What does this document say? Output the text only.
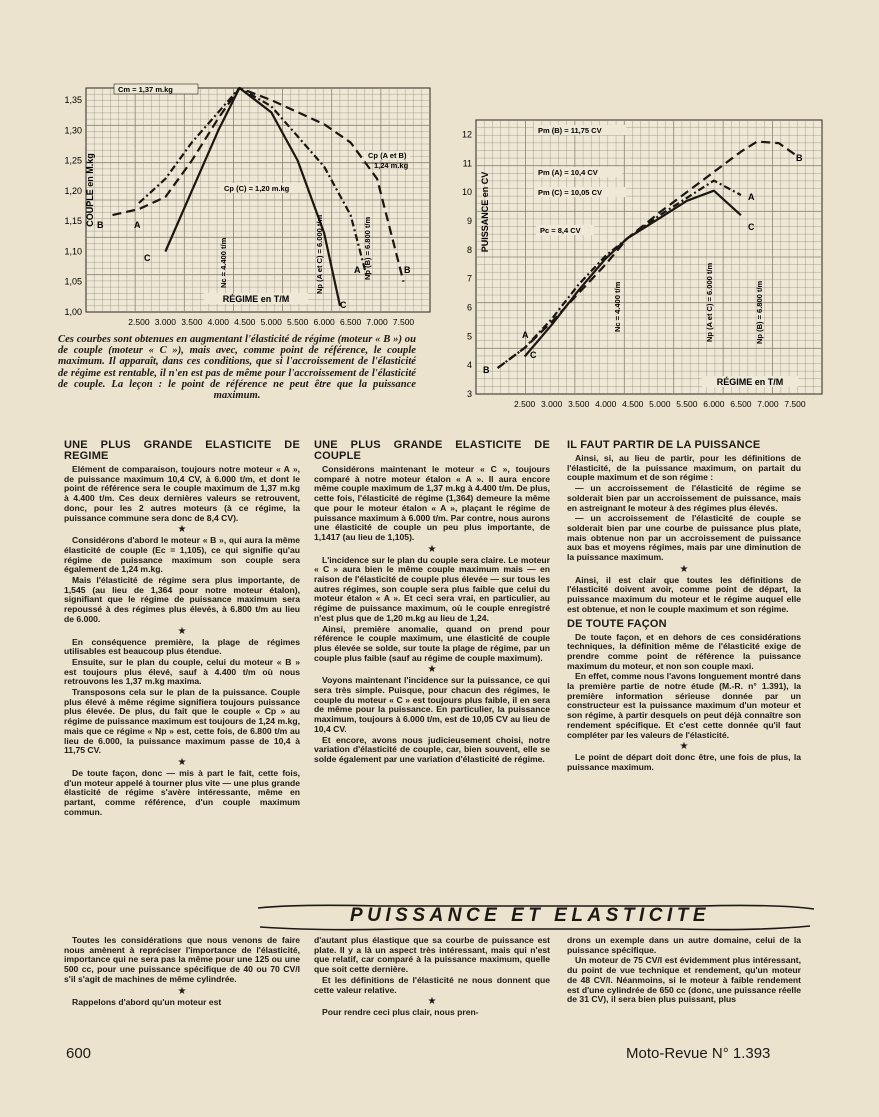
1,00
1,05
1,10
1,15
1,20
1,25
1,30
1,35
2.500 3.000 3.500 4.000 4.500 5.000 5.500 6.000 6.500 7.000 7.500
COUPLE en M.kg
RÉGIME en T/M
Cm = 1,37 m.kg
Cp (A et B)
1,24 m.kg
Cp (C) = 1,20 m.kg
Nc = 4.400 t/m	Np (A et C) = 6.000 t/m	Np (B) = 6.800 t/m
B	A
C
A	B
C
3
4
5
6
7
8
9
10
11
12
2.500 3.000 3.500 4.000 4.500 5.000 5.500 6.000 6.500 7.000 7.500
PUISSANCE en CV
RÉGIME en T/M
Pm (B) = 11,75 CV
Pm (A) = 10,4 CV
Pm (C) = 10,05 CV
Pc = 8,4 CV
Nc = 4.400 t/m	Np (A et C) = 6.000 t/m	Np (B) = 6.800 t/m
A
C
B
A
C
B
Ces courbes sont obtenues en augmentant l'élasticité de régime (moteur « B ») ou de couple (moteur « C »), mais avec, comme point de référence, le couple maximum. Il apparaît, dans ces conditions, que si l'accroissement de l'élasticité de régime est rentable, il n'en est pas de même pour l'accroissement de l'élasticité de couple. La leçon : le point de référence ne peut être que la puissance maximum.
UNE PLUS GRANDE ELASTICITE DE REGIME

Elément de comparaison, toujours notre moteur « A », de puissance maximum 10,4 CV, à 6.000 t/m, et dont le point de référence sera le couple maximum de 1,37 m.kg à 4.400 t/m. Ces deux dernières valeurs se retrouvent, donc, pour les 2 autres moteurs (à ce régime, la puissance commune sera donc de 8,4 CV).

★

Considérons d'abord le moteur « B », qui aura la même élasticité de couple (Ec = 1,105), ce qui signifie qu'au régime de puissance maximum son couple sera également de 1,24 m.kg.

Mais l'élasticité de régime sera plus importante, de 1,545 (au lieu de 1,364 pour notre moteur étalon), signifiant que le régime de puissance maximum sera repoussé à des régimes plus élevés, à 6.800 t/m au lieu de 6.000.

★

En conséquence première, la plage de régimes utilisables est beaucoup plus étendue.

Ensuite, sur le plan du couple, celui du moteur « B » est toujours plus élevé, sauf à 4.400 t/m où nous retrouvons les 1,37 m.kg maxima.

Transposons cela sur le plan de la puissance. Couple plus élevé à même régime signifiera toujours puissance plus élevée. De plus, du fait que le couple « Cp » au régime de puissance maximum est toujours de 1,24 m.kg, mais que ce régime « Np » est, cette fois, de 6.800 t/m au lieu de 6.000, la puissance maximum passe de 10,4 à 11,75 CV.

★

De toute façon, donc — mis à part le fait, cette fois, d'un moteur appelé à tourner plus vite — une plus grande élasticité de régime s'avère intéressante, même en partant, comme référence, d'un couple maximum commun.

UNE PLUS GRANDE ELASTICITE DE COUPLE

Considérons maintenant le moteur « C », toujours comparé à notre moteur étalon « A ». Il aura encore même couple maximum de 1,37 m.kg à 4.400 t/m. De plus, cette fois, l'élasticité de régime (1,364) demeure la même que pour le moteur étalon « A », plaçant le régime de puissance maximum à 6.000 t/m. Par contre, nous aurons une élasticité de couple un peu plus importante, de 1,1417 (au lieu de 1,105).

★

L'incidence sur le plan du couple sera claire. Le moteur « C » aura bien le même couple maximum mais — en raison de l'élasticité de couple plus élevée — sur tous les autres régimes, son couple sera plus faible que celui du moteur étalon « A ». Et ceci sera vrai, en particulier, au régime de puissance maximum, où le couple enregistré n'est plus que de 1,20 m.kg au lieu de 1,24.

Ainsi, première anomalie, quand on prend pour référence le couple maximum, une élasticité de couple plus élevée se solde, sur toute la plage de régime, par un couple plus faible (sauf au régime de couple maximum).

★

Voyons maintenant l'incidence sur la puissance, ce qui sera très simple. Puisque, pour chacun des régimes, le couple du moteur « C » est toujours plus faible, il en sera de même pour la puissance. En particulier, la puissance maximum, toujours à 6.000 t/m, est de 10,05 CV au lieu de 10,4 CV.

Et encore, avons nous judicieusement choisi, notre variation d'élasticité de couple, car, bien souvent, elle se solde également par une variation d'élasticité de régime.

IL FAUT PARTIR DE LA PUISSANCE

Ainsi, si, au lieu de partir, pour les définitions de l'élasticité, de la puissance maximum, on partait du couple maximum et de son régime :

— un accroissement de l'élasticité de régime se solderait bien par un accroissement de puissance, mais en astreignant le moteur à des régimes plus élevés.

— un accroissement de l'élasticité de couple se solderait bien par une courbe de puissance plus plate, mais obtenue non par un accroissement de puissance aux bas et moyens régimes, mais par une diminution de la puissance maximum.

★

Ainsi, il est clair que toutes les définitions de l'élasticité doivent avoir, comme point de départ, la puissance maximum du moteur et le régime auquel elle est obtenue, et non le couple maximum et son régime.

DE TOUTE FAÇON

De toute façon, et en dehors de ces considérations techniques, la définition même de l'élasticité exige de prendre comme point de référence la puissance maximum du moteur, et non son couple maxi.

En effet, comme nous l'avons longuement montré dans la première partie de notre étude (M.-R. n° 1.391), la première information sérieuse donnée par un constructeur est la puissance maximum d'un moteur et son régime, à partir desquels on peut déjà connaître son rendement spécifique. Et c'est cette donnée qu'il faut compléter par les valeurs de l'élasticité.

★

Le point de départ doit donc être, une fois de plus, la puissance maximum.

PUISSANCE ET ELASTICITE

Toutes les considérations que nous venons de faire nous amènent à repréciser l'importance de l'élasticité, importance qui ne sera pas la même pour une 125 ou une 500 cc, pour une puissance spécifique de 40 ou 70 CV/l s'il s'agit de machines de même cylindrée.

★

Rappelons d'abord qu'un moteur est

d'autant plus élastique que sa courbe de puissance est plate. Il y a là un aspect très intéressant, mais qui n'est que relatif, car comparé à la puissance maximum, quelle que soit cette dernière.

Et les définitions de l'élasticité ne nous donnent que cette valeur relative.

★

Pour rendre ceci plus clair, nous pren-

drons un exemple dans un autre domaine, celui de la puissance spécifique.

Un moteur de 75 CV/l est évidemment plus intéressant, du point de vue technique et rendement, qu'un moteur de 48 CV/l. Néanmoins, si le moteur à faible rendement est d'une cylindrée de 650 cc (donc, une puissance réelle de 31 CV), il sera bien plus puissant, plus

600	Moto-Revue N° 1.393
